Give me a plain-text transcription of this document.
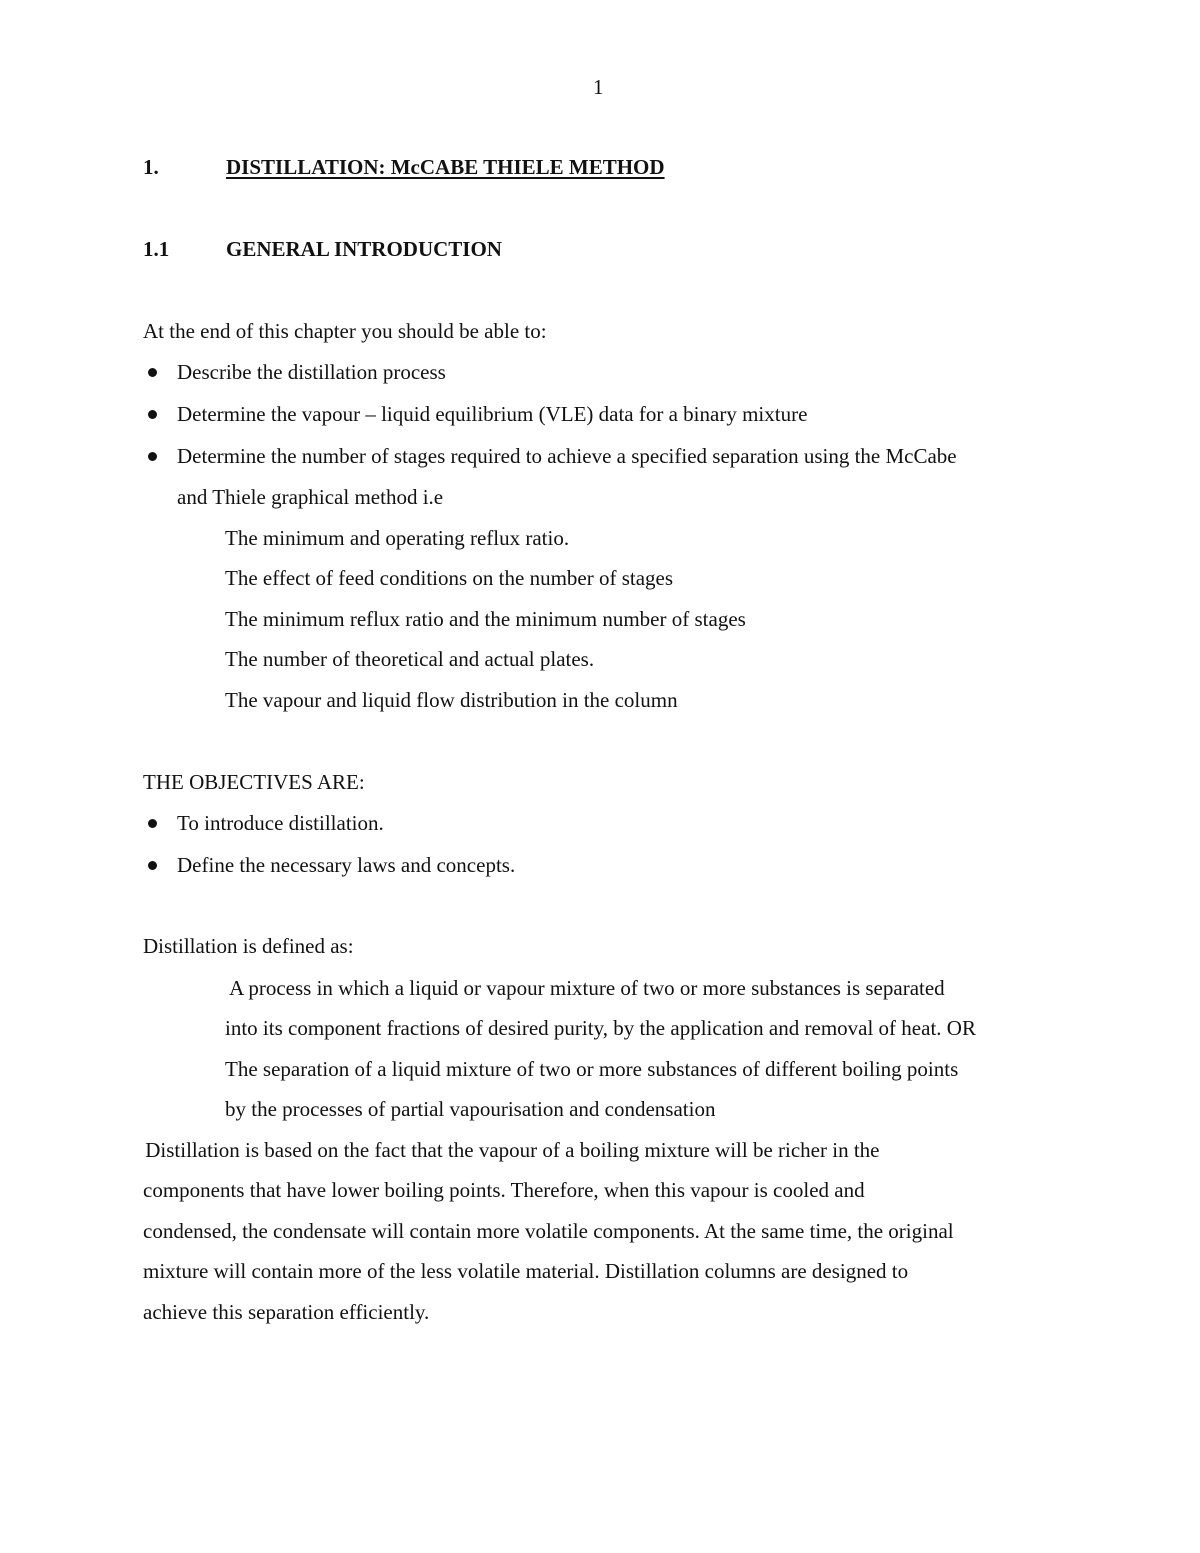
1
1.	DISTILLATION: McCABE THIELE METHOD
1.1	GENERAL INTRODUCTION
At the end of this chapter you should be able to:
Describe the distillation process
Determine the vapour – liquid equilibrium (VLE) data for a binary mixture
Determine the number of stages required to achieve a specified separation using the McCabe
and Thiele graphical method i.e
The minimum and operating reflux ratio.
The effect of feed conditions on the number of stages
The minimum reflux ratio and the minimum number of stages
The number of theoretical and actual plates.
The vapour and liquid flow distribution in the column
THE OBJECTIVES ARE:
To introduce distillation.
Define the necessary laws and concepts.
Distillation is defined as:
A process in which a liquid or vapour mixture of two or more substances is separated
into its component fractions of desired purity, by the application and removal of heat. OR
The separation of a liquid mixture of two or more substances of different boiling points
by the processes of partial vapourisation and condensation
Distillation is based on the fact that the vapour of a boiling mixture will be richer in the
components that have lower boiling points. Therefore, when this vapour is cooled and
condensed, the condensate will contain more volatile components. At the same time, the original
mixture will contain more of the less volatile material. Distillation columns are designed to
achieve this separation efficiently.
